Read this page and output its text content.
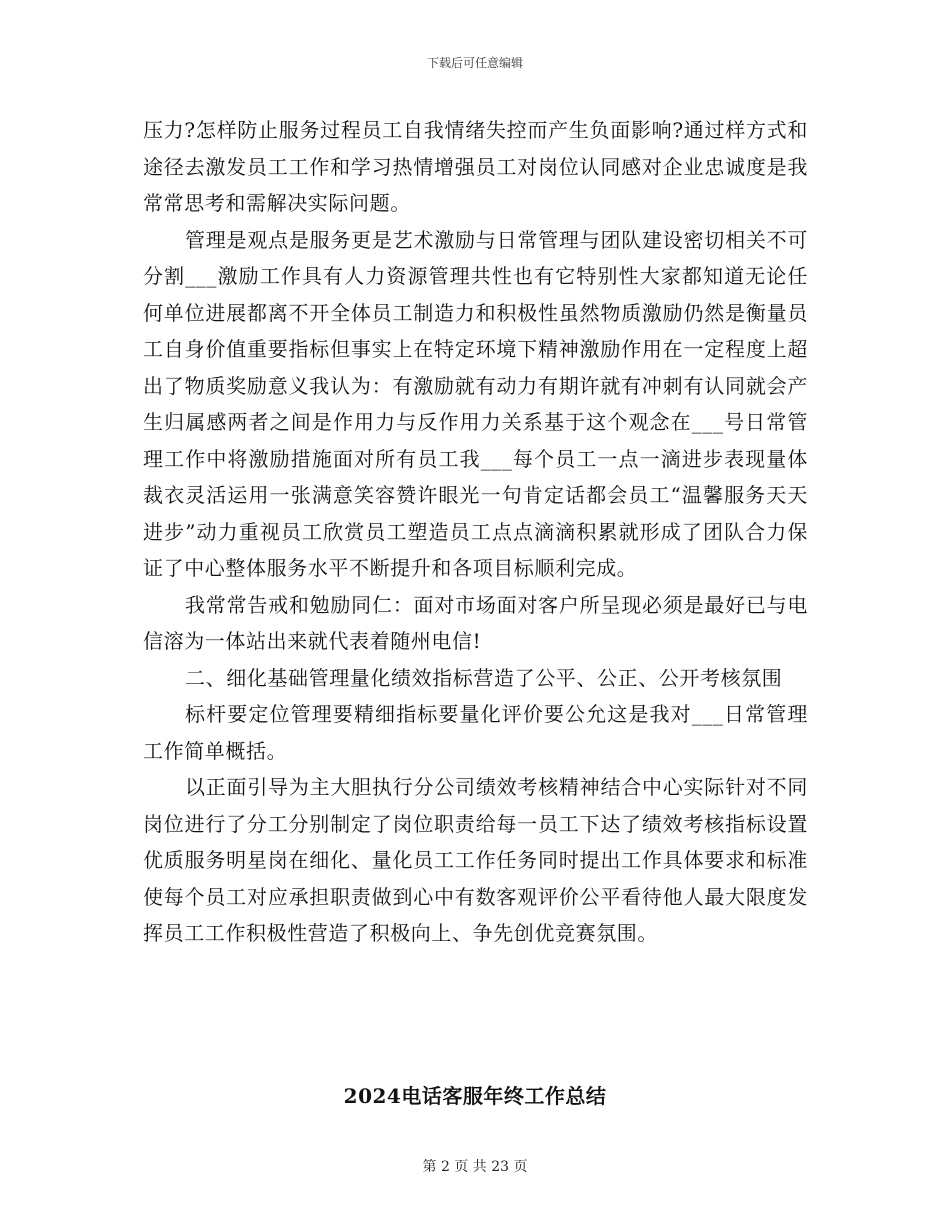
下载后可任意编辑

压力?怎样防止服务过程员工自我情绪失控而产生负面影响?通过样方式和途径去激发员工工作和学习热情增强员工对岗位认同感对企业忠诚度是我常常思考和需解决实际问题。

管理是观点是服务更是艺术激励与日常管理与团队建设密切相关不可分割___激励工作具有人力资源管理共性也有它特别性大家都知道无论任何单位进展都离不开全体员工制造力和积极性虽然物质激励仍然是衡量员工自身价值重要指标但事实上在特定环境下精神激励作用在一定程度上超出了物质奖励意义我认为：有激励就有动力有期许就有冲刺有认同就会产生归属感两者之间是作用力与反作用力关系基于这个观念在___号日常管理工作中将激励措施面对所有员工我___每个员工一点一滴进步表现量体裁衣灵活运用一张满意笑容赞许眼光一句肯定话都会员工“温馨服务天天进步”动力重视员工欣赏员工塑造员工点点滴滴积累就形成了团队合力保证了中心整体服务水平不断提升和各项目标顺利完成。

我常常告戒和勉励同仁：面对市场面对客户所呈现必须是最好已与电信溶为一体站出来就代表着随州电信!

二、细化基础管理量化绩效指标营造了公平、公正、公开考核氛围

标杆要定位管理要精细指标要量化评价要公允这是我对___日常管理工作简单概括。

以正面引导为主大胆执行分公司绩效考核精神结合中心实际针对不同岗位进行了分工分别制定了岗位职责给每一员工下达了绩效考核指标设置优质服务明星岗在细化、量化员工工作任务同时提出工作具体要求和标准使每个员工对应承担职责做到心中有数客观评价公平看待他人最大限度发挥员工工作积极性营造了积极向上、争先创优竞赛氛围。

2024电话客服年终工作总结
第 2 页 共 23 页
